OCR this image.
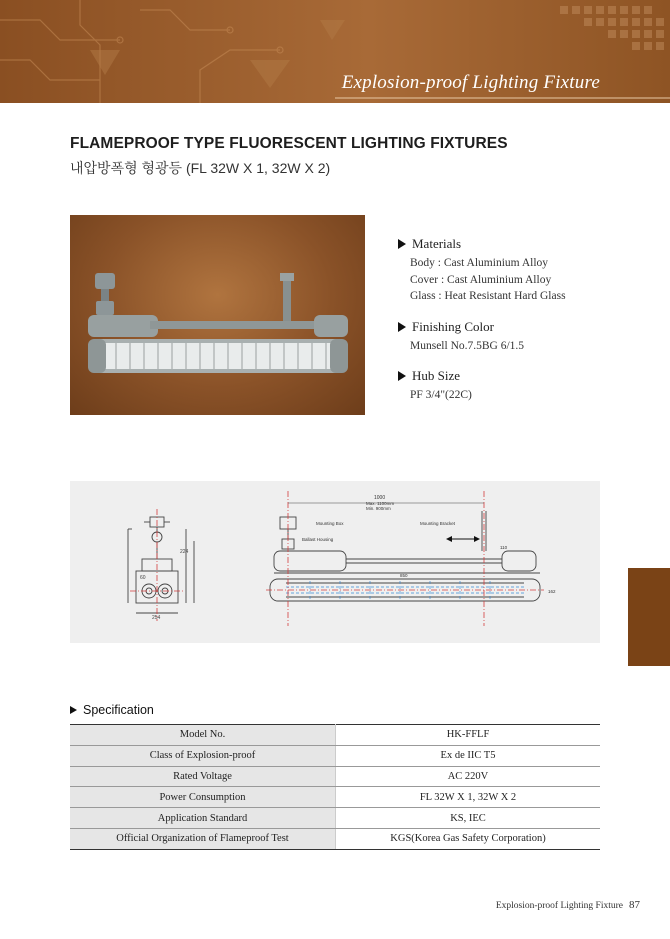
Explosion-proof Lighting Fixture
FLAMEPROOF TYPE FLUORESCENT LIGHTING FIXTURES
내압방폭형 형광등 (FL 32W X 1, 32W X 2)
Materials
Body : Cast Aluminium Alloy
Cover : Cast Aluminium Alloy
Glass : Heat Resistant Hard Glass
Finishing Color
Munsell No.7.5BG 6/1.5
Hub Size
PF 3/4"(22C)
224
254
60
1000
Max. 1100mm
Min. 900mm
Mounting Box	Mounting Bracket
Ballast Housing
110
162
850
Specification
Model No.	HK-FFLF
Class of Explosion-proof	Ex de IIC T5
Rated Voltage	AC 220V
Power Consumption	FL 32W X 1, 32W X 2
Application Standard	KS, IEC
Official Organization of Flameproof Test	KGS(Korea Gas Safety Corporation)
Explosion-proof Lighting Fixture 87
